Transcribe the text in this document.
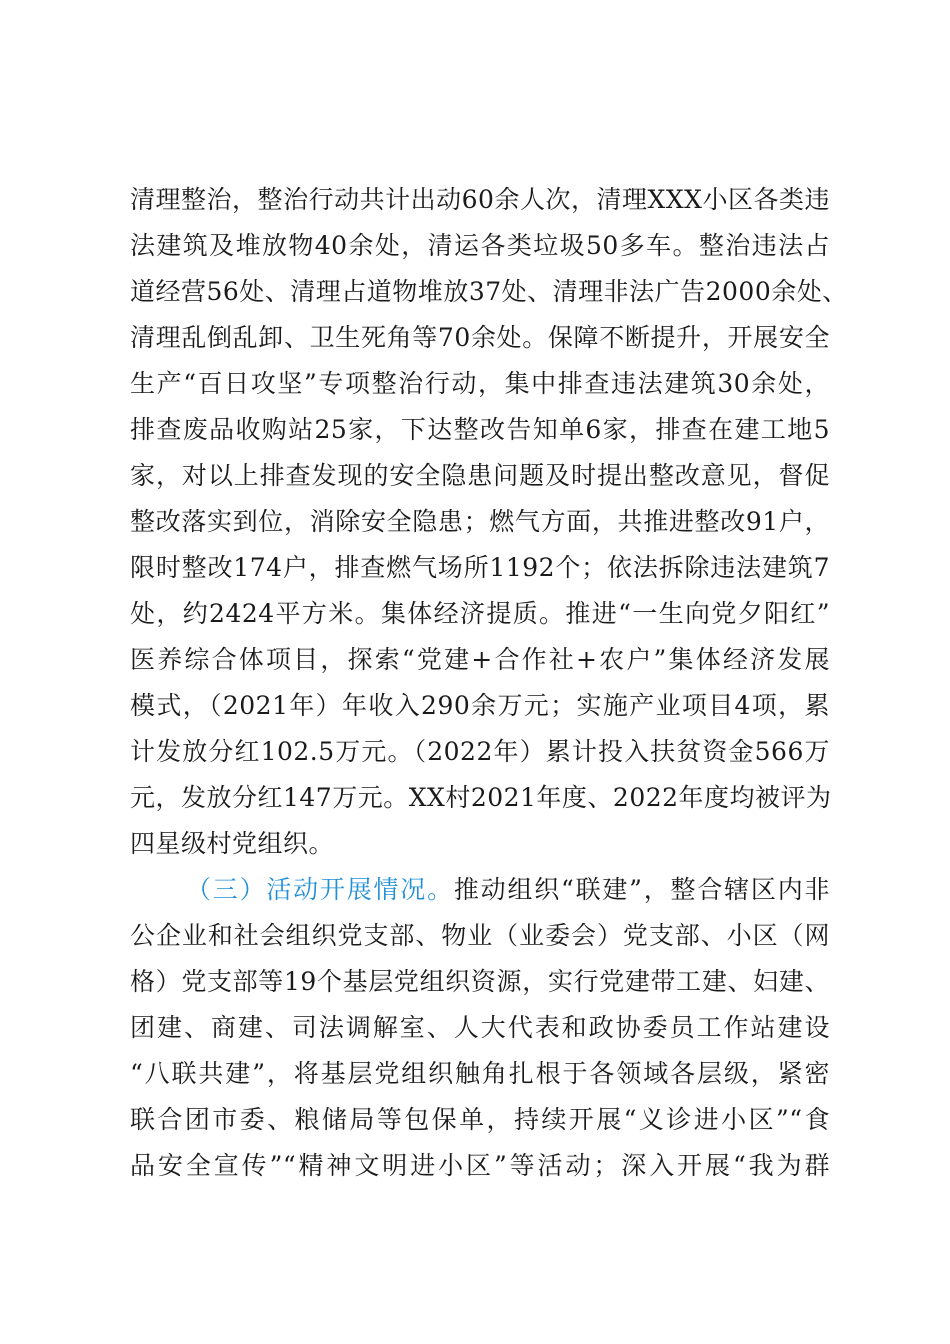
清理整治，整治行动共计出动60余人次，清理XXX小区各类违
法建筑及堆放物40余处，清运各类垃圾50多车。整治违法占
道经营56处、清理占道物堆放37处、清理非法广告2000余处、
清理乱倒乱卸、卫生死角等70余处。保障不断提升，开展安全
生产“百日攻坚”专项整治行动，集中排查违法建筑30余处，
排查废品收购站25家，下达整改告知单6家，排查在建工地5
家，对以上排查发现的安全隐患问题及时提出整改意见，督促
整改落实到位，消除安全隐患；燃气方面，共推进整改91户，
限时整改174户，排查燃气场所1192个；依法拆除违法建筑7
处，约2424平方米。集体经济提质。推进“一生向党夕阳红”
医养综合体项目，探索“党建+合作社+农户”集体经济发展
模式，（2021年）年收入290余万元；实施产业项目4项，累
计发放分红102.5万元。（2022年）累计投入扶贫资金566万
元，发放分红147万元。XX村2021年度、2022年度均被评为
四星级村党组织。
（三）活动开展情况。推动组织“联建”，整合辖区内非
公企业和社会组织党支部、物业（业委会）党支部、小区（网
格）党支部等19个基层党组织资源，实行党建带工建、妇建、
团建、商建、司法调解室、人大代表和政协委员工作站建设
“八联共建”，将基层党组织触角扎根于各领域各层级，紧密
联合团市委、粮储局等包保单，持续开展“义诊进小区”“食
品安全宣传”“精神文明进小区”等活动；深入开展“我为群
